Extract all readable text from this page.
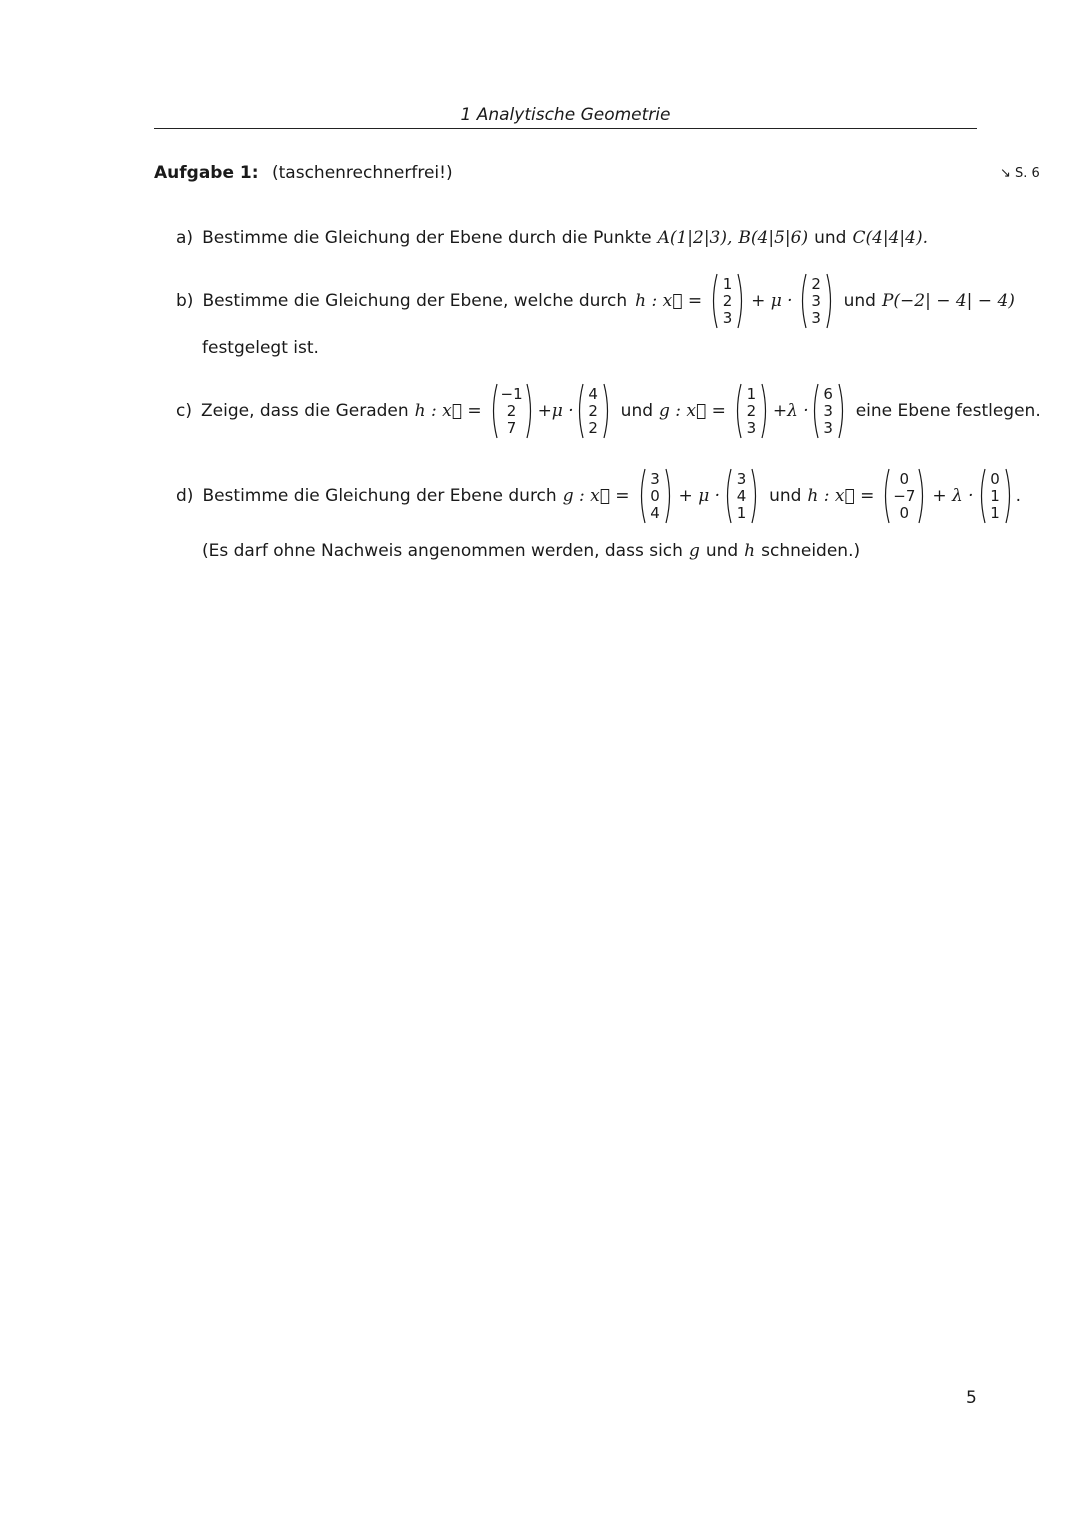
1 Analytische Geometrie
Aufgabe 1: (taschenrechnerfrei!)	↘ S. 6
a) Bestimme die Gleichung der Ebene durch die Punkte A(1|2|3), B(4|5|6) und C(4|4|4).
b) Bestimme die Gleichung der Ebene, welche durch h : x⃗ =
1
2
3
+ μ ·
2
3
3
und P(−2| − 4| − 4)
festgelegt ist.
c) Zeige, dass die Geraden h : x⃗ =
−1
2
7
+μ ·
4
2
2
und g : x⃗ =
1
2
3
+λ ·
6
3
3
eine Ebene festlegen.
d) Bestimme die Gleichung der Ebene durch g : x⃗ =
3
0
4
+ μ ·
3
4
1
und h : x⃗ =
0
−7
0
+ λ ·
0
1
1
.
(Es darf ohne Nachweis angenommen werden, dass sich g und h schneiden.)
5
